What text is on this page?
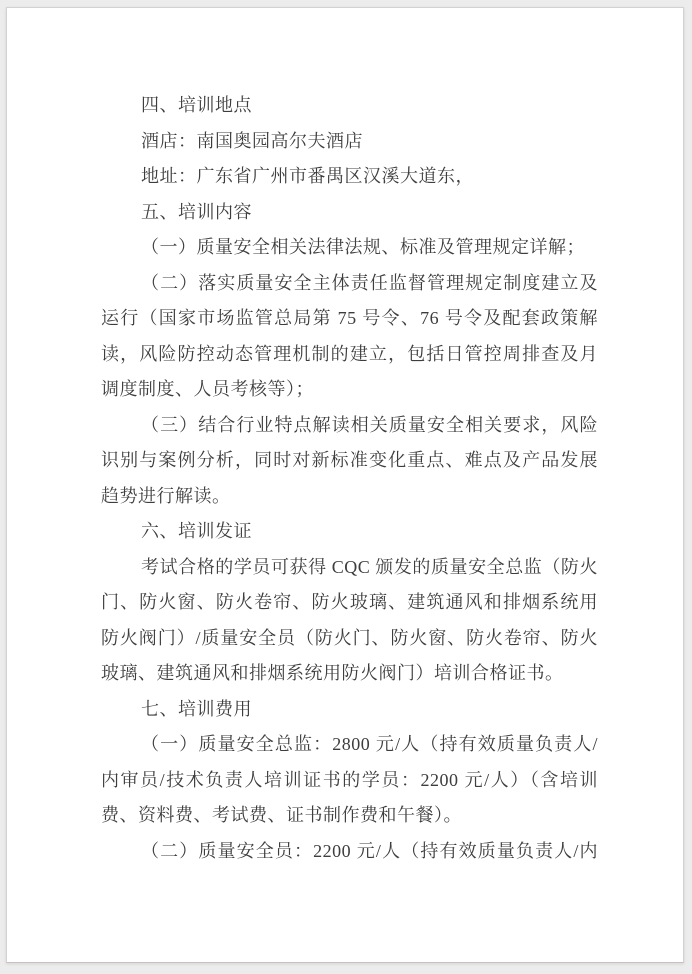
四、培训地点
酒店：南国奥园高尔夫酒店
地址：广东省广州市番禺区汉溪大道东，
五、培训内容
（一）质量安全相关法律法规、标准及管理规定详解；
（二）落实质量安全主体责任监督管理规定制度建立及
运行（国家市场监管总局第 75 号令、76 号令及配套政策解
读，风险防控动态管理机制的建立，包括日管控周排查及月
调度制度、人员考核等）；
（三）结合行业特点解读相关质量安全相关要求，风险
识别与案例分析，同时对新标准变化重点、难点及产品发展
趋势进行解读。
六、培训发证
考试合格的学员可获得 CQC 颁发的质量安全总监（防火
门、防火窗、防火卷帘、防火玻璃、建筑通风和排烟系统用
防火阀门）/质量安全员（防火门、防火窗、防火卷帘、防火
玻璃、建筑通风和排烟系统用防火阀门）培训合格证书。
七、培训费用
（一）质量安全总监：2800 元/人（持有效质量负责人/
内审员/技术负责人培训证书的学员：2200 元/人）（含培训
费、资料费、考试费、证书制作费和午餐）。
（二）质量安全员：2200 元/人（持有效质量负责人/内
